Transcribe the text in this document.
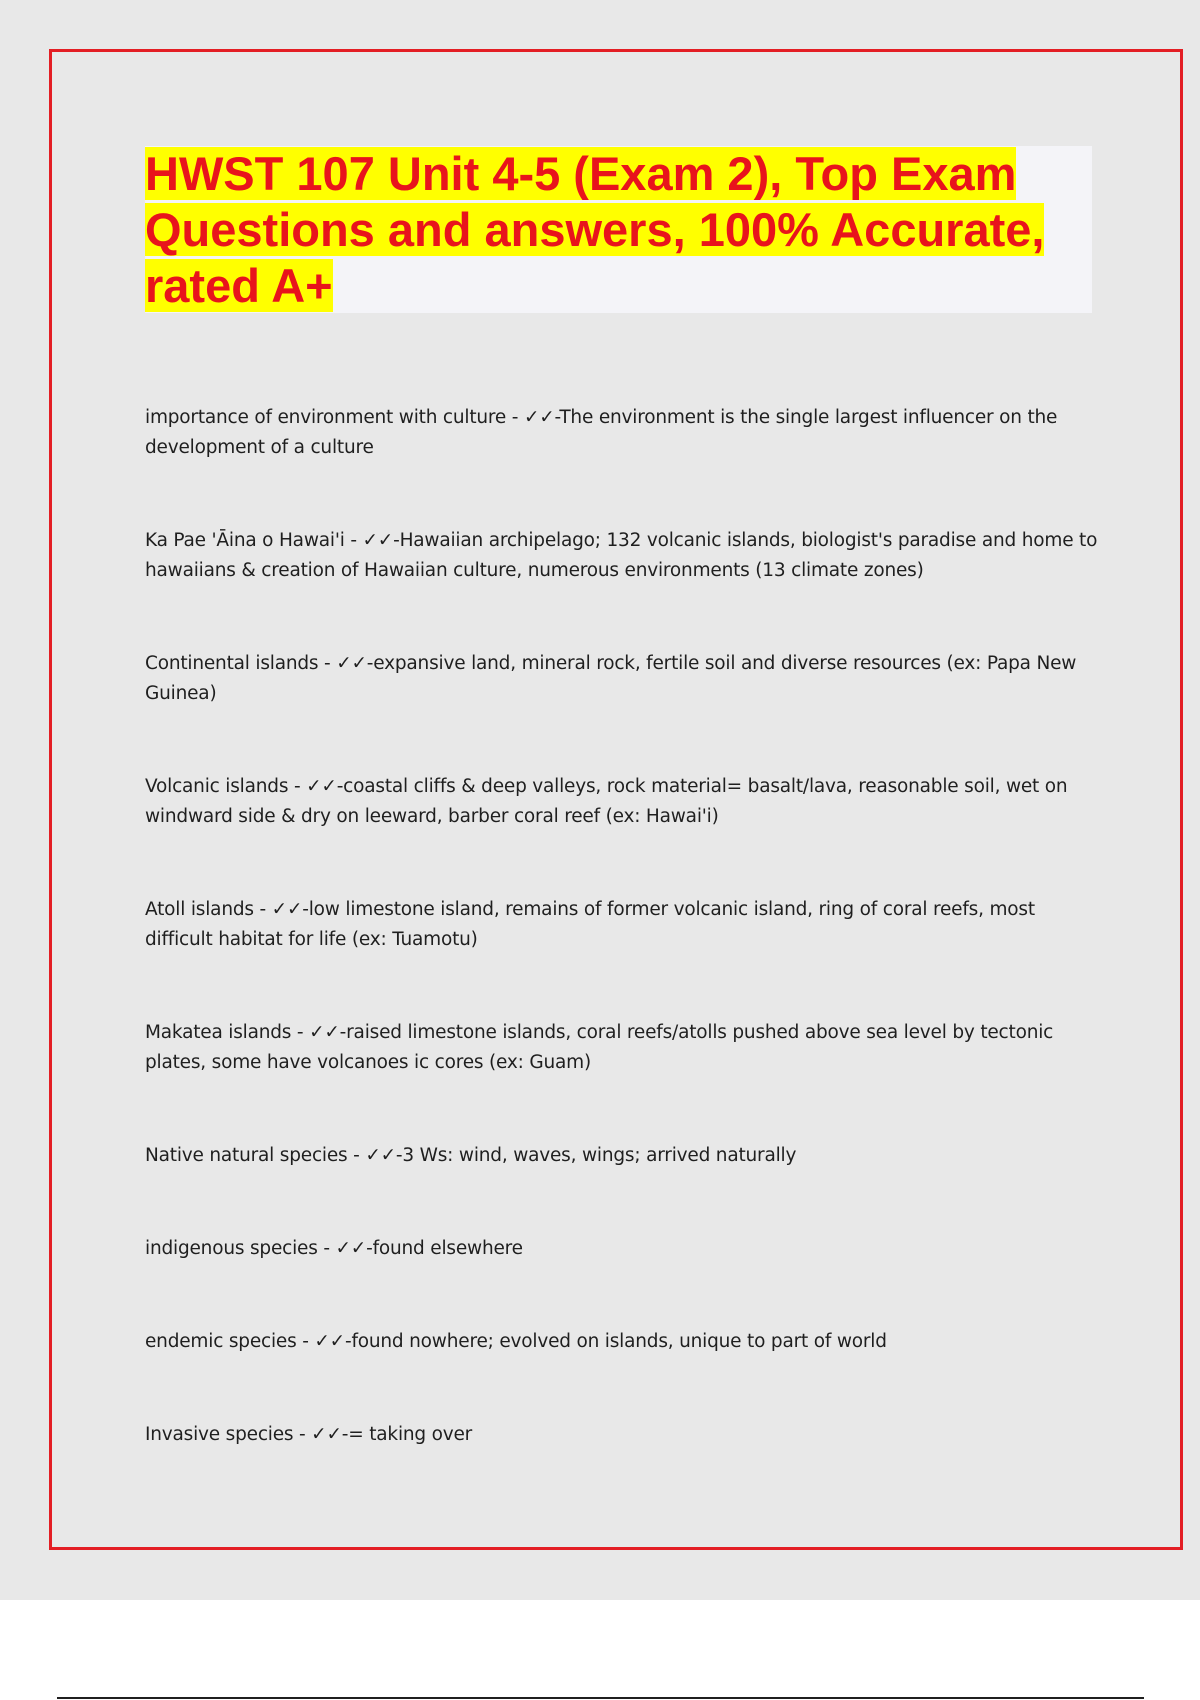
HWST 107 Unit 4-5 (Exam 2), Top Exam Questions and answers, 100% Accurate, rated A+
importance of environment with culture - ✓✓-The environment is the single largest influencer on the development of a culture
Ka Pae 'Āina o Hawai'i - ✓✓-Hawaiian archipelago; 132 volcanic islands, biologist's paradise and home to hawaiians & creation of Hawaiian culture, numerous environments (13 climate zones)
Continental islands - ✓✓-expansive land, mineral rock, fertile soil and diverse resources (ex: Papa New Guinea)
Volcanic islands - ✓✓-coastal cliffs & deep valleys, rock material= basalt/lava, reasonable soil, wet on windward side & dry on leeward, barber coral reef (ex: Hawai'i)
Atoll islands - ✓✓-low limestone island, remains of former volcanic island, ring of coral reefs, most difficult habitat for life (ex: Tuamotu)
Makatea islands - ✓✓-raised limestone islands, coral reefs/atolls pushed above sea level by tectonic plates, some have volcanoes ic cores (ex: Guam)
Native natural species - ✓✓-3 Ws: wind, waves, wings; arrived naturally
indigenous species - ✓✓-found elsewhere
endemic species - ✓✓-found nowhere; evolved on islands, unique to part of world
Invasive species - ✓✓-= taking over
